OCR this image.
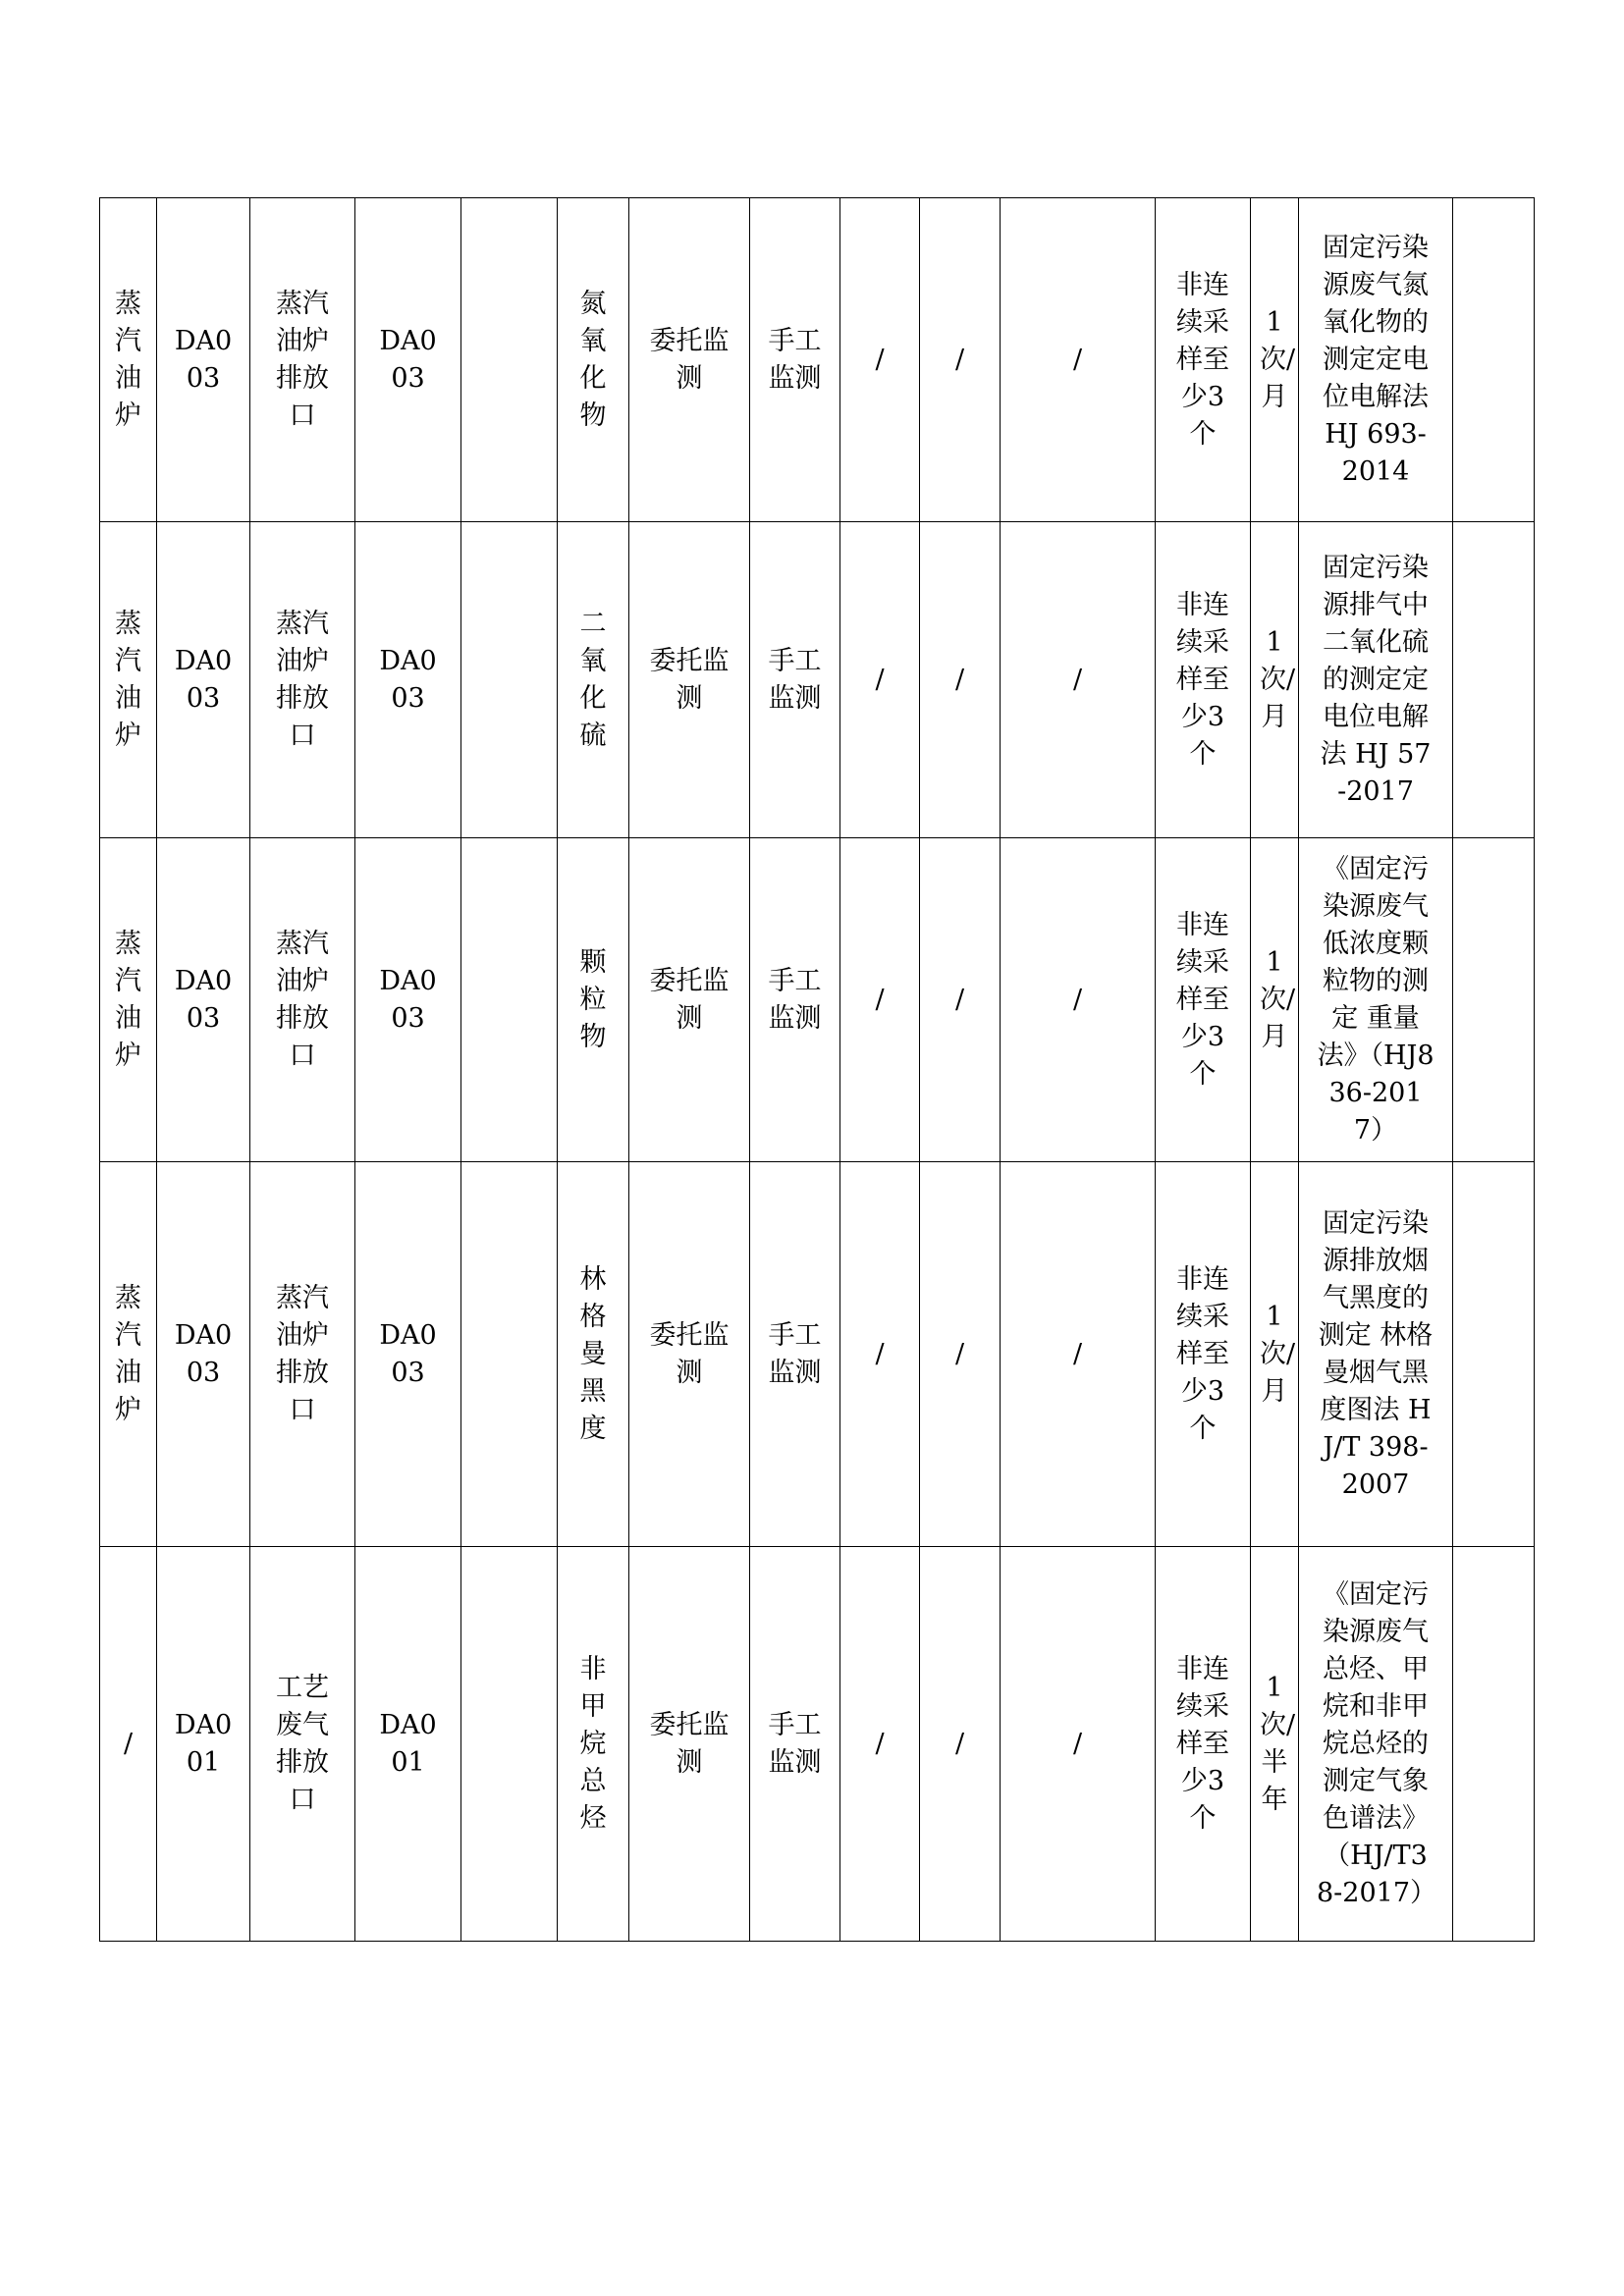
蒸汽油炉	DA003	蒸汽油炉排放口	DA003		氮氧化物	委托监测	手工监测	/	/	/	非连续采样至少3个	1次/月	固定污染源废气氮氧化物的测定定电位电解法 HJ 693-2014	
蒸汽油炉	DA003	蒸汽油炉排放口	DA003		二氧化硫	委托监测	手工监测	/	/	/	非连续采样至少3个	1次/月	固定污染源排气中二氧化硫的测定定电位电解法 HJ 57-2017	
蒸汽油炉	DA003	蒸汽油炉排放口	DA003		颗粒物	委托监测	手工监测	/	/	/	非连续采样至少3个	1次/月	《固定污染源废气低浓度颗粒物的测定 重量法》（HJ836-2017）	
蒸汽油炉	DA003	蒸汽油炉排放口	DA003		林格曼黑度	委托监测	手工监测	/	/	/	非连续采样至少3个	1次/月	固定污染源排放烟气黑度的测定 林格曼烟气黑度图法 HJ/T 398-2007	
/	DA001	工艺废气排放口	DA001		非甲烷总烃	委托监测	手工监测	/	/	/	非连续采样至少3个	1次/半年	《固定污染源废气总烃、甲烷和非甲烷总烃的测定气象色谱法》（HJ/T38-2017）	
